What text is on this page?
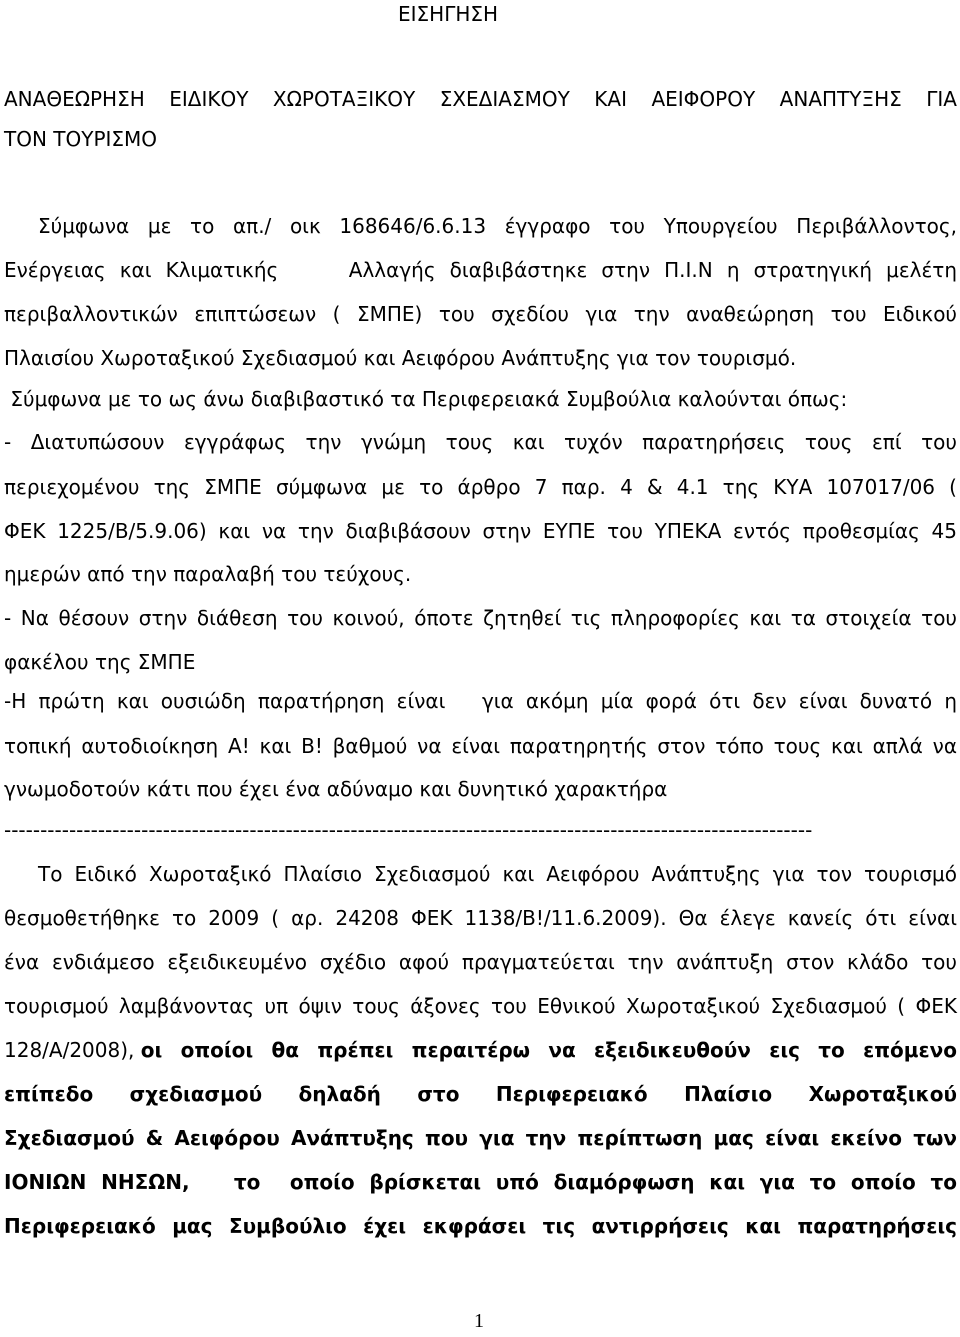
ΕΙΣΗΓΗΣΗ
ΑΝΑΘΕΩΡΗΣΗ ΕΙΔΙΚΟΥ ΧΩΡΟΤΑΞΙΚΟΥ ΣΧΕΔΙΑΣΜΟΥ ΚΑΙ ΑΕΙΦΟΡΟΥ ΑΝΑΠΤΥΞΗΣ ΓΙΑ
ΤΟΝ ΤΟΥΡΙΣΜΟ
Σύμφωνα με το απ./ οικ 168646/6.6.13 έγγραφο του Υπουργείου Περιβάλλοντος,
Ενέργειας και Κλιματικής     Αλλαγής διαβιβάστηκε στην Π.Ι.Ν η στρατηγική μελέτη
περιβαλλοντικών επιπτώσεων ( ΣΜΠΕ) του σχεδίου για την αναθεώρηση του Ειδικού
Πλαισίου Χωροταξικού Σχεδιασμού και Αειφόρου Ανάπτυξης για τον τουρισμό.
Σύμφωνα με το ως άνω διαβιβαστικό τα Περιφερειακά Συμβούλια καλούνται όπως:
- Διατυπώσουν εγγράφως την γνώμη τους και τυχόν παρατηρήσεις τους επί του
περιεχομένου της ΣΜΠΕ σύμφωνα με το άρθρο 7 παρ. 4 & 4.1 της ΚΥΑ 107017/06 (
ΦΕΚ 1225/Β/5.9.06) και να την διαβιβάσουν στην ΕΥΠΕ του ΥΠΕΚΑ εντός προθεσμίας 45
ημερών από την παραλαβή του τεύχους.
- Να θέσουν στην διάθεση του κοινού, όποτε ζητηθεί τις πληροφορίες και τα στοιχεία του
φακέλου της ΣΜΠΕ
-Η πρώτη και ουσιώδη παρατήρηση είναι   για ακόμη μία φορά ότι δεν είναι δυνατό η
τοπική αυτοδιοίκηση Α! και Β! βαθμού να είναι παρατηρητής στον τόπο τους και απλά να
γνωμοδοτούν κάτι που έχει ένα αδύναμο και δυνητικό χαρακτήρα
----------------------------------------------------------------------------------------------------------------
Το Ειδικό Χωροταξικό Πλαίσιο Σχεδιασμού και Αειφόρου Ανάπτυξης για τον τουρισμό
θεσμοθετήθηκε το 2009 ( αρ. 24208 ΦΕΚ 1138/Β!/11.6.2009). Θα έλεγε κανείς ότι είναι
ένα ενδιάμεσο εξειδικευμένο σχέδιο αφού πραγματεύεται την ανάπτυξη στον κλάδο του
τουρισμού λαμβάνοντας υπ όψιν τους άξονες του Εθνικού Χωροταξικού Σχεδιασμού ( ΦΕΚ
128/Α/2008), οι οποίοι θα πρέπει περαιτέρω να εξειδικευθούν εις το επόμενο
επίπεδο σχεδιασμού δηλαδή στο Περιφερειακό Πλαίσιο Χωροταξικού
Σχεδιασμού & Αειφόρου Ανάπτυξης που για την περίπτωση μας είναι εκείνο των
ΙΟΝΙΩΝ ΝΗΣΩΝ,   το  οποίο βρίσκεται υπό διαμόρφωση και για το οποίο το
Περιφερειακό μας Συμβούλιο έχει εκφράσει τις αντιρρήσεις και παρατηρήσεις
1
